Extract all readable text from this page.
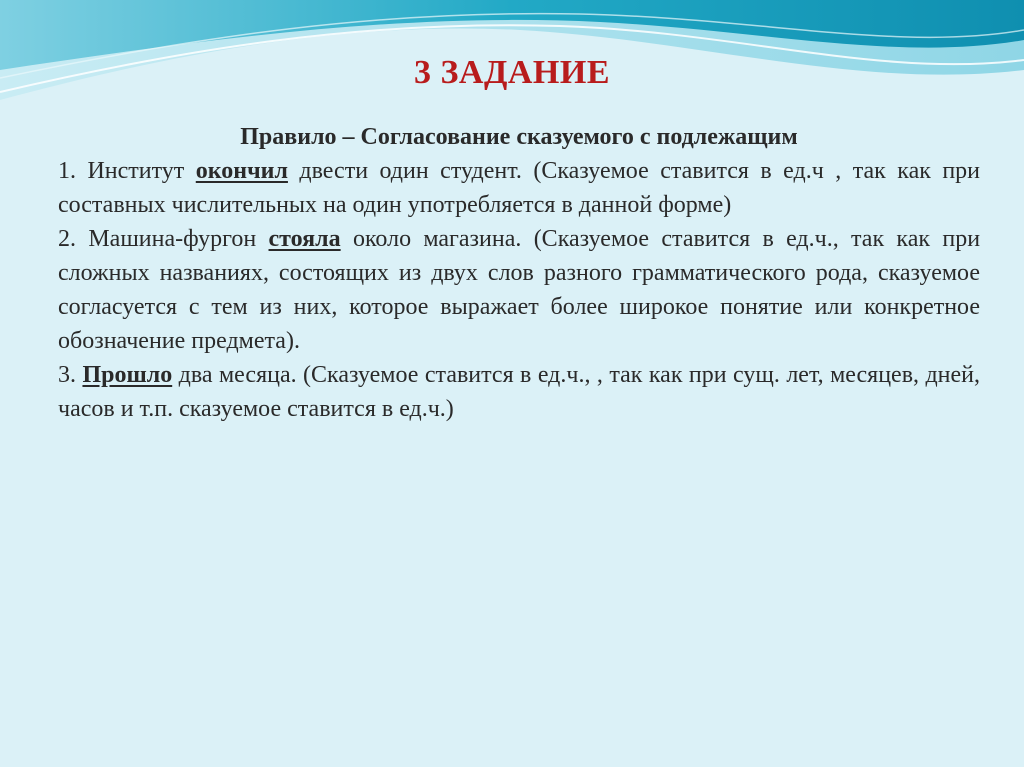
3 ЗАДАНИЕ

Правило – Согласование сказуемого с подлежащим

1. Институт окончил двести один студент. (Сказуемое ставится в ед.ч , так как при составных числительных на один употребляется в данной форме)

2. Машина-фургон стояла около магазина. (Сказуемое ставится в ед.ч., так как при сложных названиях, состоящих из двух слов разного грамматического рода, сказуемое согласуется с тем из них, которое выражает более широкое понятие или конкретное обозначение предмета).

3. Прошло два месяца. (Сказуемое ставится в ед.ч., , так как при сущ. лет, месяцев, дней, часов и т.п. сказуемое ставится в ед.ч.)
